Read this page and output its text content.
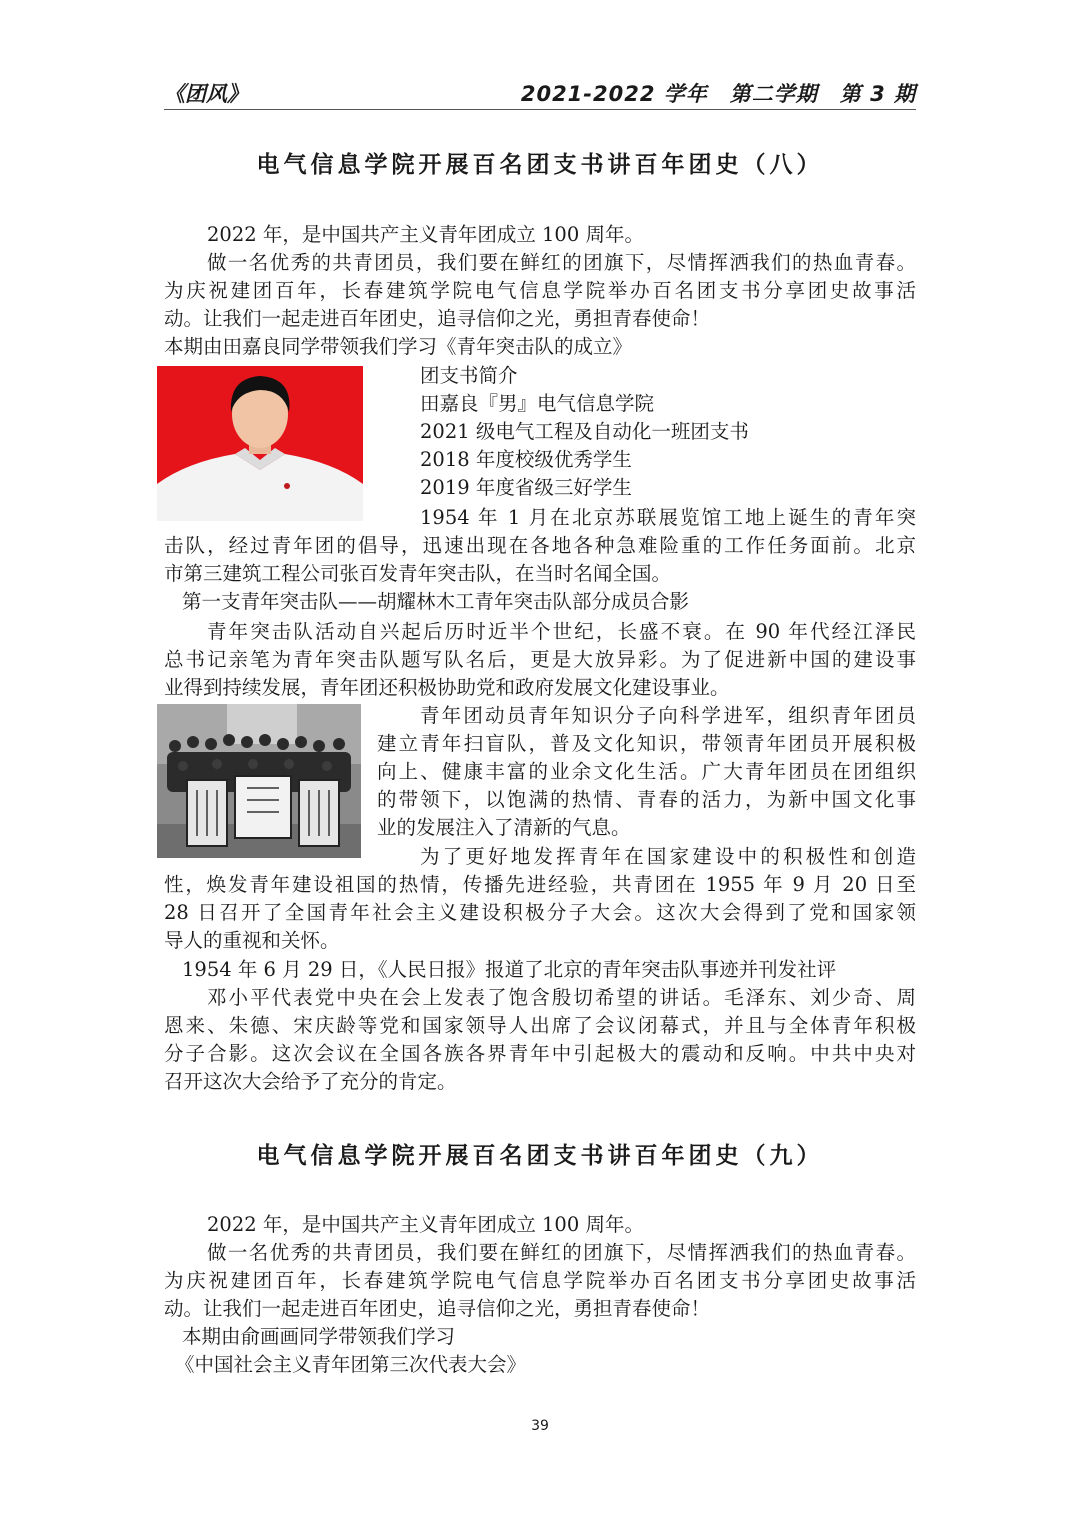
《团风》	2021-2022 学年　第二学期　第 3 期
电气信息学院开展百名团支书讲百年团史（八）
2022 年，是中国共产主义青年团成立 100 周年。
做一名优秀的共青团员，我们要在鲜红的团旗下，尽情挥洒我们的热血青春。
为庆祝建团百年，长春建筑学院电气信息学院举办百名团支书分享团史故事活
动。让我们一起走进百年团史，追寻信仰之光，勇担青春使命！
本期由田嘉良同学带领我们学习《青年突击队的成立》
团支书简介
田嘉良『男』电气信息学院
2021 级电气工程及自动化一班团支书
2018 年度校级优秀学生
2019 年度省级三好学生
1954 年 1 月在北京苏联展览馆工地上诞生的青年突
击队，经过青年团的倡导，迅速出现在各地各种急难险重的工作任务面前。北京
市第三建筑工程公司张百发青年突击队，在当时名闻全国。
第一支青年突击队——胡耀林木工青年突击队部分成员合影
青年突击队活动自兴起后历时近半个世纪，长盛不衰。在 90 年代经江泽民
总书记亲笔为青年突击队题写队名后，更是大放异彩。为了促进新中国的建设事
业得到持续发展，青年团还积极协助党和政府发展文化建设事业。
青年团动员青年知识分子向科学进军，组织青年团员
建立青年扫盲队，普及文化知识，带领青年团员开展积极
向上、健康丰富的业余文化生活。广大青年团员在团组织
的带领下，以饱满的热情、青春的活力，为新中国文化事
业的发展注入了清新的气息。
为了更好地发挥青年在国家建设中的积极性和创造
性，焕发青年建设祖国的热情，传播先进经验，共青团在 1955 年 9 月 20 日至
28 日召开了全国青年社会主义建设积极分子大会。这次大会得到了党和国家领
导人的重视和关怀。
1954 年 6 月 29 日，《人民日报》报道了北京的青年突击队事迹并刊发社评
邓小平代表党中央在会上发表了饱含殷切希望的讲话。毛泽东、刘少奇、周
恩来、朱德、宋庆龄等党和国家领导人出席了会议闭幕式，并且与全体青年积极
分子合影。这次会议在全国各族各界青年中引起极大的震动和反响。中共中央对
召开这次大会给予了充分的肯定。
电气信息学院开展百名团支书讲百年团史（九）
2022 年，是中国共产主义青年团成立 100 周年。
做一名优秀的共青团员，我们要在鲜红的团旗下，尽情挥洒我们的热血青春。
为庆祝建团百年，长春建筑学院电气信息学院举办百名团支书分享团史故事活
动。让我们一起走进百年团史，追寻信仰之光，勇担青春使命！
本期由俞画画同学带领我们学习
《中国社会主义青年团第三次代表大会》
39
